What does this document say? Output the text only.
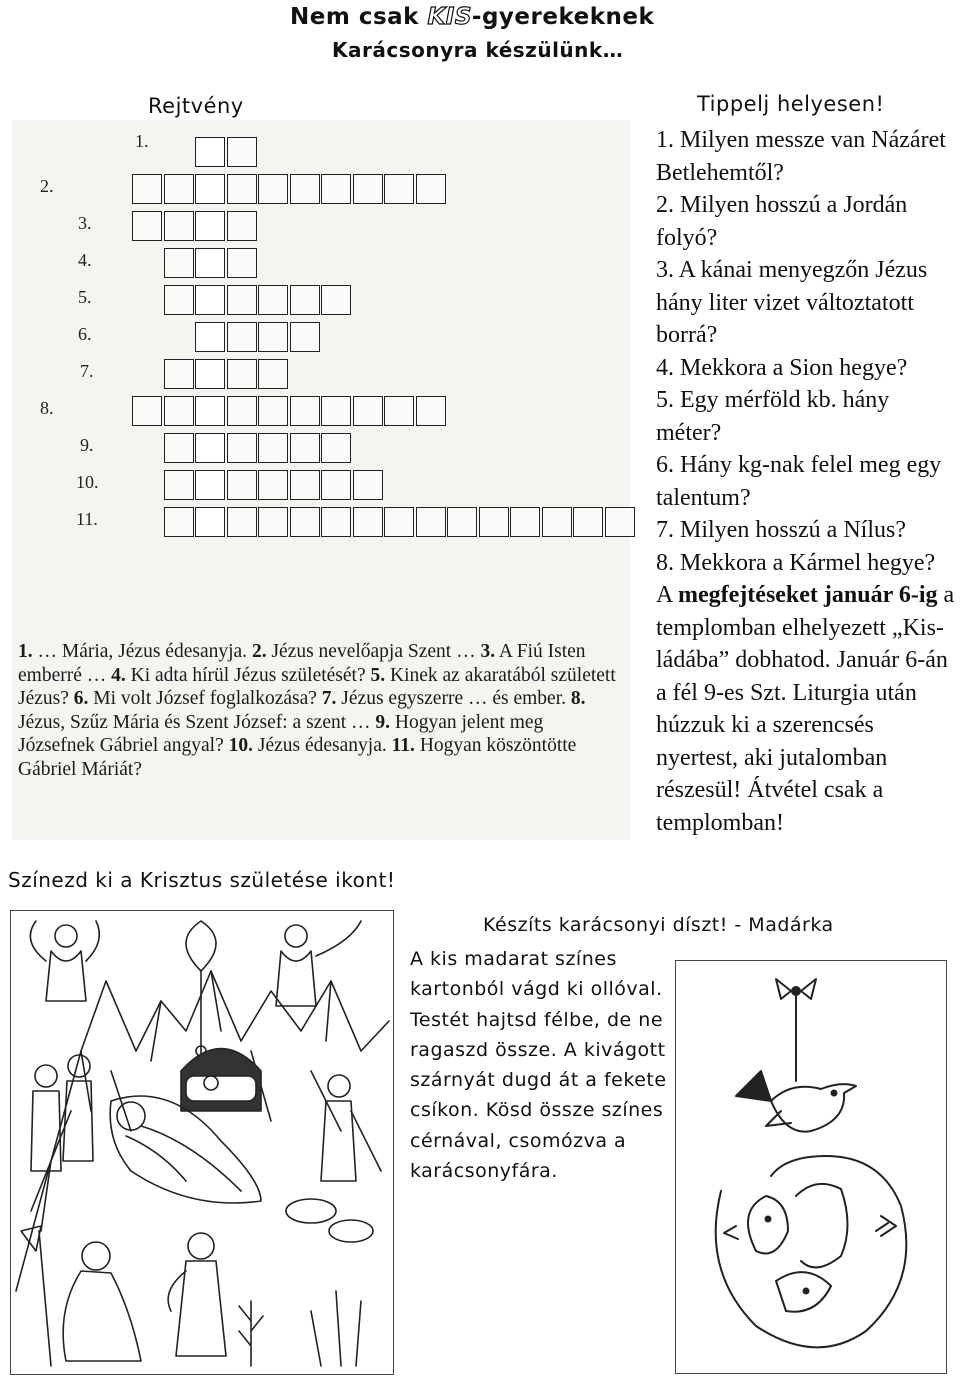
Nem csak KIS-gyerekeknek
Karácsonyra készülünk…
Rejtvény
1.
2.
3.
4.
5.
6.
7.
8.
9.
10.
11.
1. … Mária, Jézus édesanyja. 2. Jézus nevelőapja Szent … 3. A Fiú Isten emberré … 4. Ki adta hírül Jézus születését? 5. Kinek az akaratából született Jézus? 6. Mi volt József foglalkozása? 7. Jézus egyszerre … és ember. 8. Jézus, Szűz Mária és Szent József: a szent … 9. Hogyan jelent meg Józsefnek Gábriel angyal? 10. Jézus édesanyja. 11. Hogyan köszöntötte Gábriel Máriát?
Tippelj helyesen!

1. Milyen messze van Názáret Betlehemtől?

2. Milyen hosszú a Jordán folyó?

3. A kánai menyegzőn Jézus hány liter vizet változtatott borrá?

4. Mekkora a Sion hegye?

5. Egy mérföld kb. hány méter?

6. Hány kg-nak felel meg egy talentum?

7. Milyen hosszú a Nílus?

8. Mekkora a Kármel hegye?

A megfejtéseket január 6-ig a templomban elhelyezett „Kis-ládába” dobhatod. Január 6-án a fél 9-es Szt. Liturgia után húzzuk ki a szerencsés nyertest, aki jutalomban részesül! Átvétel csak a templomban!

Színezd ki a Krisztus születése ikont!
Készíts karácsonyi díszt! - Madárka
A kis madarat színes kartonból vágd ki ollóval. Testét hajtsd félbe, de ne ragaszd össze. A kivágott szárnyát dugd át a fekete csíkon. Kösd össze színes cérnával, csomózva a karácsonyfára.
